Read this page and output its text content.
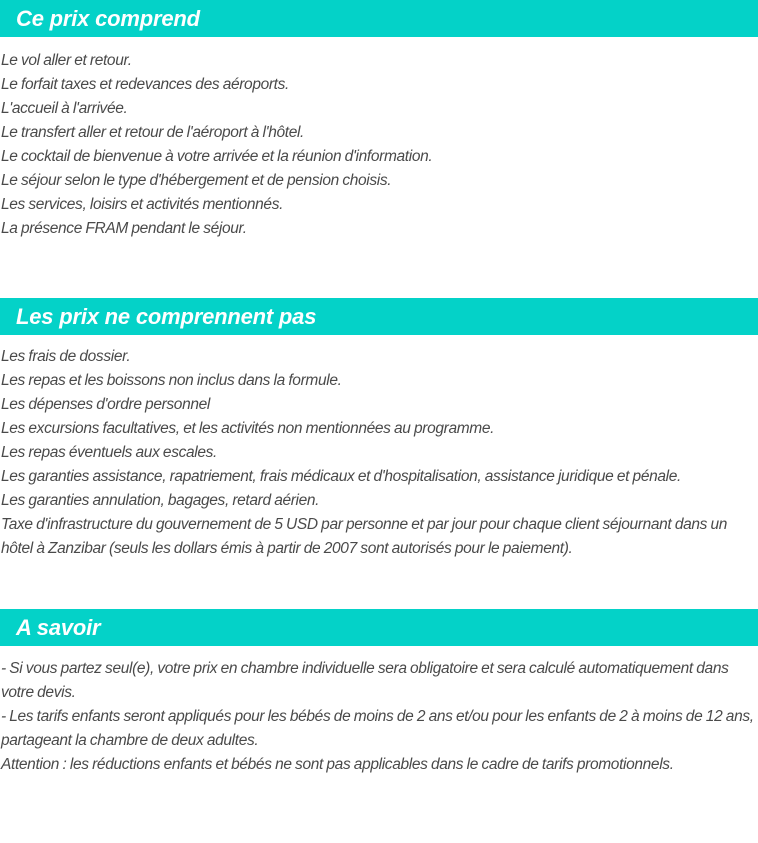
Ce prix comprend
Le vol aller et retour.
Le forfait taxes et redevances des aéroports.
L'accueil à l'arrivée.
Le transfert aller et retour de l'aéroport à l'hôtel.
Le cocktail de bienvenue à votre arrivée et la réunion d'information.
Le séjour selon le type d'hébergement et de pension choisis.
Les services, loisirs et activités mentionnés.
La présence FRAM pendant le séjour.
Les prix ne comprennent pas
Les frais de dossier.
Les repas et les boissons non inclus dans la formule.
Les dépenses d'ordre personnel
Les excursions facultatives, et les activités non mentionnées au programme.
Les repas éventuels aux escales.
Les garanties assistance, rapatriement, frais médicaux et d'hospitalisation, assistance juridique et pénale.
Les garanties annulation, bagages, retard aérien.
Taxe d'infrastructure du gouvernement de 5 USD par personne et par jour pour chaque client séjournant dans un hôtel à Zanzibar (seuls les dollars émis à partir de 2007 sont autorisés pour le paiement).
A savoir
- Si vous partez seul(e), votre prix en chambre individuelle sera obligatoire et sera calculé automatiquement dans votre devis.
- Les tarifs enfants seront appliqués pour les bébés de moins de 2 ans et/ou pour les enfants de 2 à moins de 12 ans, partageant la chambre de deux adultes.
Attention : les réductions enfants et bébés ne sont pas applicables dans le cadre de tarifs promotionnels.
